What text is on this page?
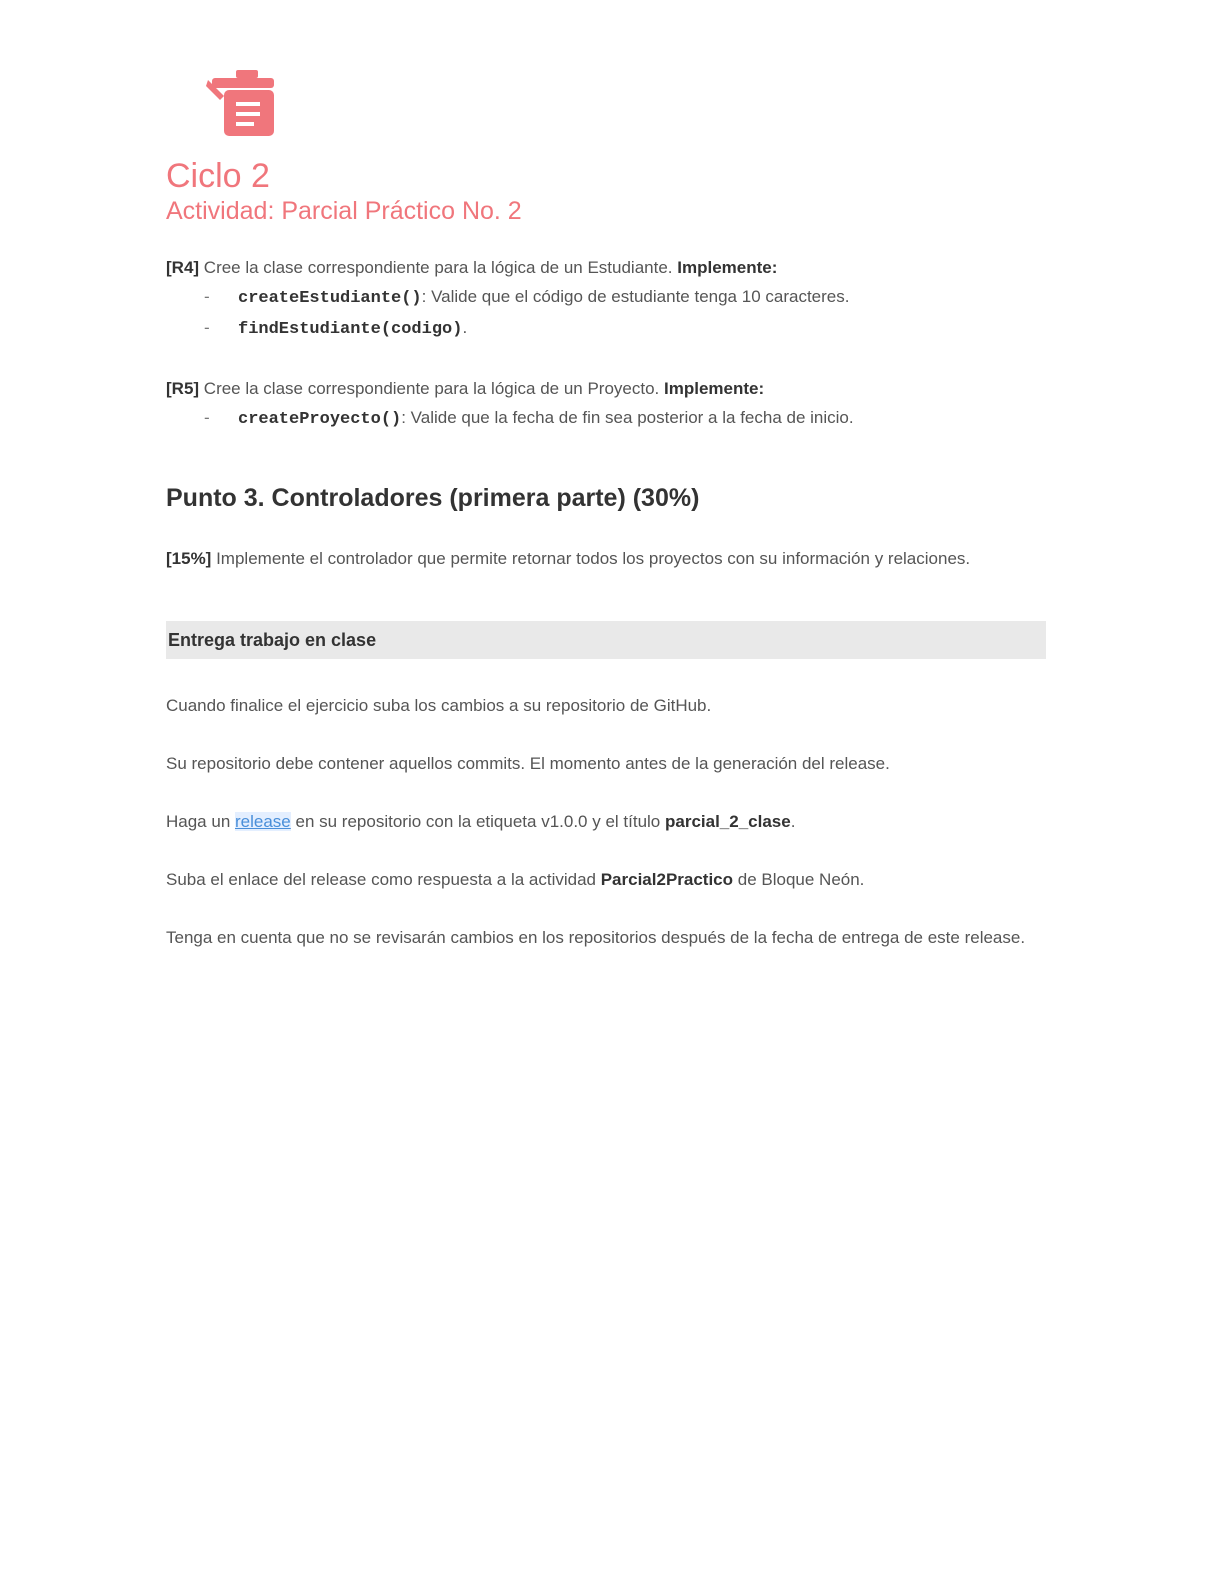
Ciclo 2
Actividad: Parcial Práctico No. 2

[R4] Cree la clase correspondiente para la lógica de un Estudiante. Implemente:

- createEstudiante(): Valide que el código de estudiante tenga 10 caracteres.
- findEstudiante(codigo).

[R5] Cree la clase correspondiente para la lógica de un Proyecto. Implemente:

- createProyecto(): Valide que la fecha de fin sea posterior a la fecha de inicio.
Punto 3. Controladores (primera parte) (30%)

[15%] Implemente el controlador que permite retornar todos los proyectos con su información y relaciones.

Entrega trabajo en clase

Cuando finalice el ejercicio suba los cambios a su repositorio de GitHub.

Su repositorio debe contener aquellos commits. El momento antes de la generación del release.

Haga un release en su repositorio con la etiqueta v1.0.0 y el título parcial_2_clase.

Suba el enlace del release como respuesta a la actividad Parcial2Practico de Bloque Neón.

Tenga en cuenta que no se revisarán cambios en los repositorios después de la fecha de entrega de este release.
